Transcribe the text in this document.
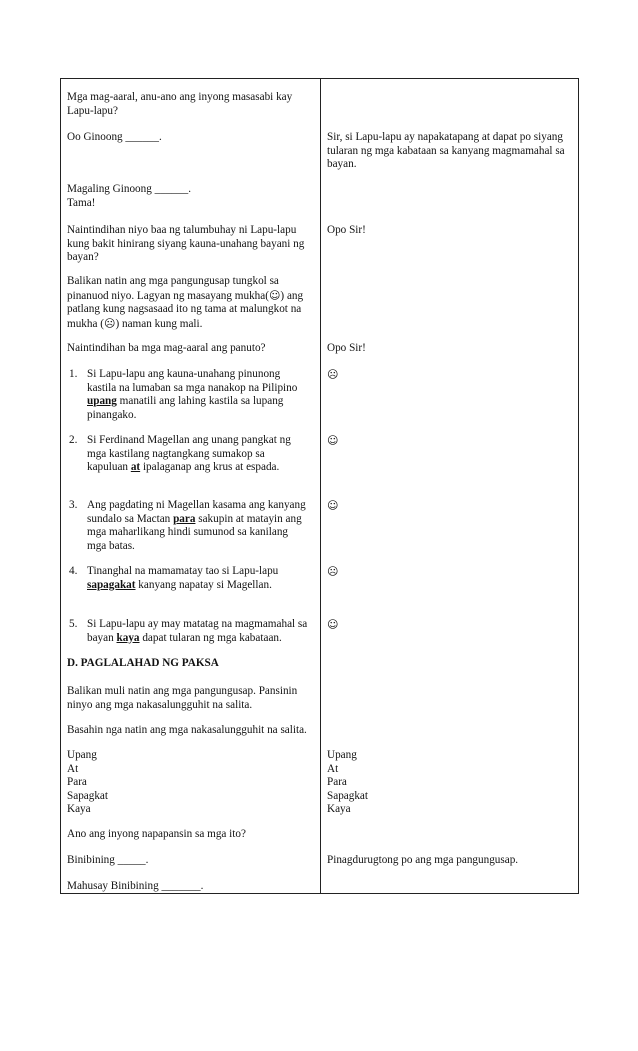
Mga mag-aaral, anu-ano ang inyong masasabi kay
Lapu-lapu?
Oo Ginoong ______.
Magaling Ginoong ______.
Tama!
Naintindihan niyo baa ng talumbuhay ni Lapu-lapu
kung bakit hinirang siyang kauna-unahang bayani ng
bayan?
Balikan natin ang mga pangungusap tungkol sa
pinanuod niyo. Lagyan ng masayang mukha(☺) ang
patlang kung nagsasaad ito ng tama at malungkot na
mukha (☹) naman kung mali.
Naintindihan ba mga mag-aaral ang panuto?
1. Si Lapu-lapu ang kauna-unahang pinunong
kastila na lumaban sa mga nanakop na Pilipino
upang manatili ang lahing kastila sa lupang
pinangako.
2. Si Ferdinand Magellan ang unang pangkat ng
mga kastilang nagtangkang sumakop sa
kapuluan at ipalaganap ang krus at espada.
3. Ang pagdating ni Magellan kasama ang kanyang
sundalo sa Mactan para sakupin at matayin ang
mga maharlikang hindi sumunod sa kanilang
mga batas.
4. Tinanghal na mamamatay tao si Lapu-lapu
sapagakat kanyang napatay si Magellan.
5. Si Lapu-lapu ay may matatag na magmamahal sa
bayan kaya dapat tularan ng mga kabataan.
D. PAGLALAHAD NG PAKSA
Balikan muli natin ang mga pangungusap. Pansinin
ninyo ang mga nakasalungguhit na salita.
Basahin nga natin ang mga nakasalungguhit na salita.
Upang
At
Para
Sapagkat
Kaya
Ano ang inyong napapansin sa mga ito?
Binibining _____.
Mahusay Binibining _______.
Sir, si Lapu-lapu ay napakatapang at dapat po siyang
tularan ng mga kabataan sa kanyang magmamahal sa
bayan.
Opo Sir!
Opo Sir!
☹
☺
☺
☹
☺
Upang
At
Para
Sapagkat
Kaya
Pinagdurugtong po ang mga pangungusap.
